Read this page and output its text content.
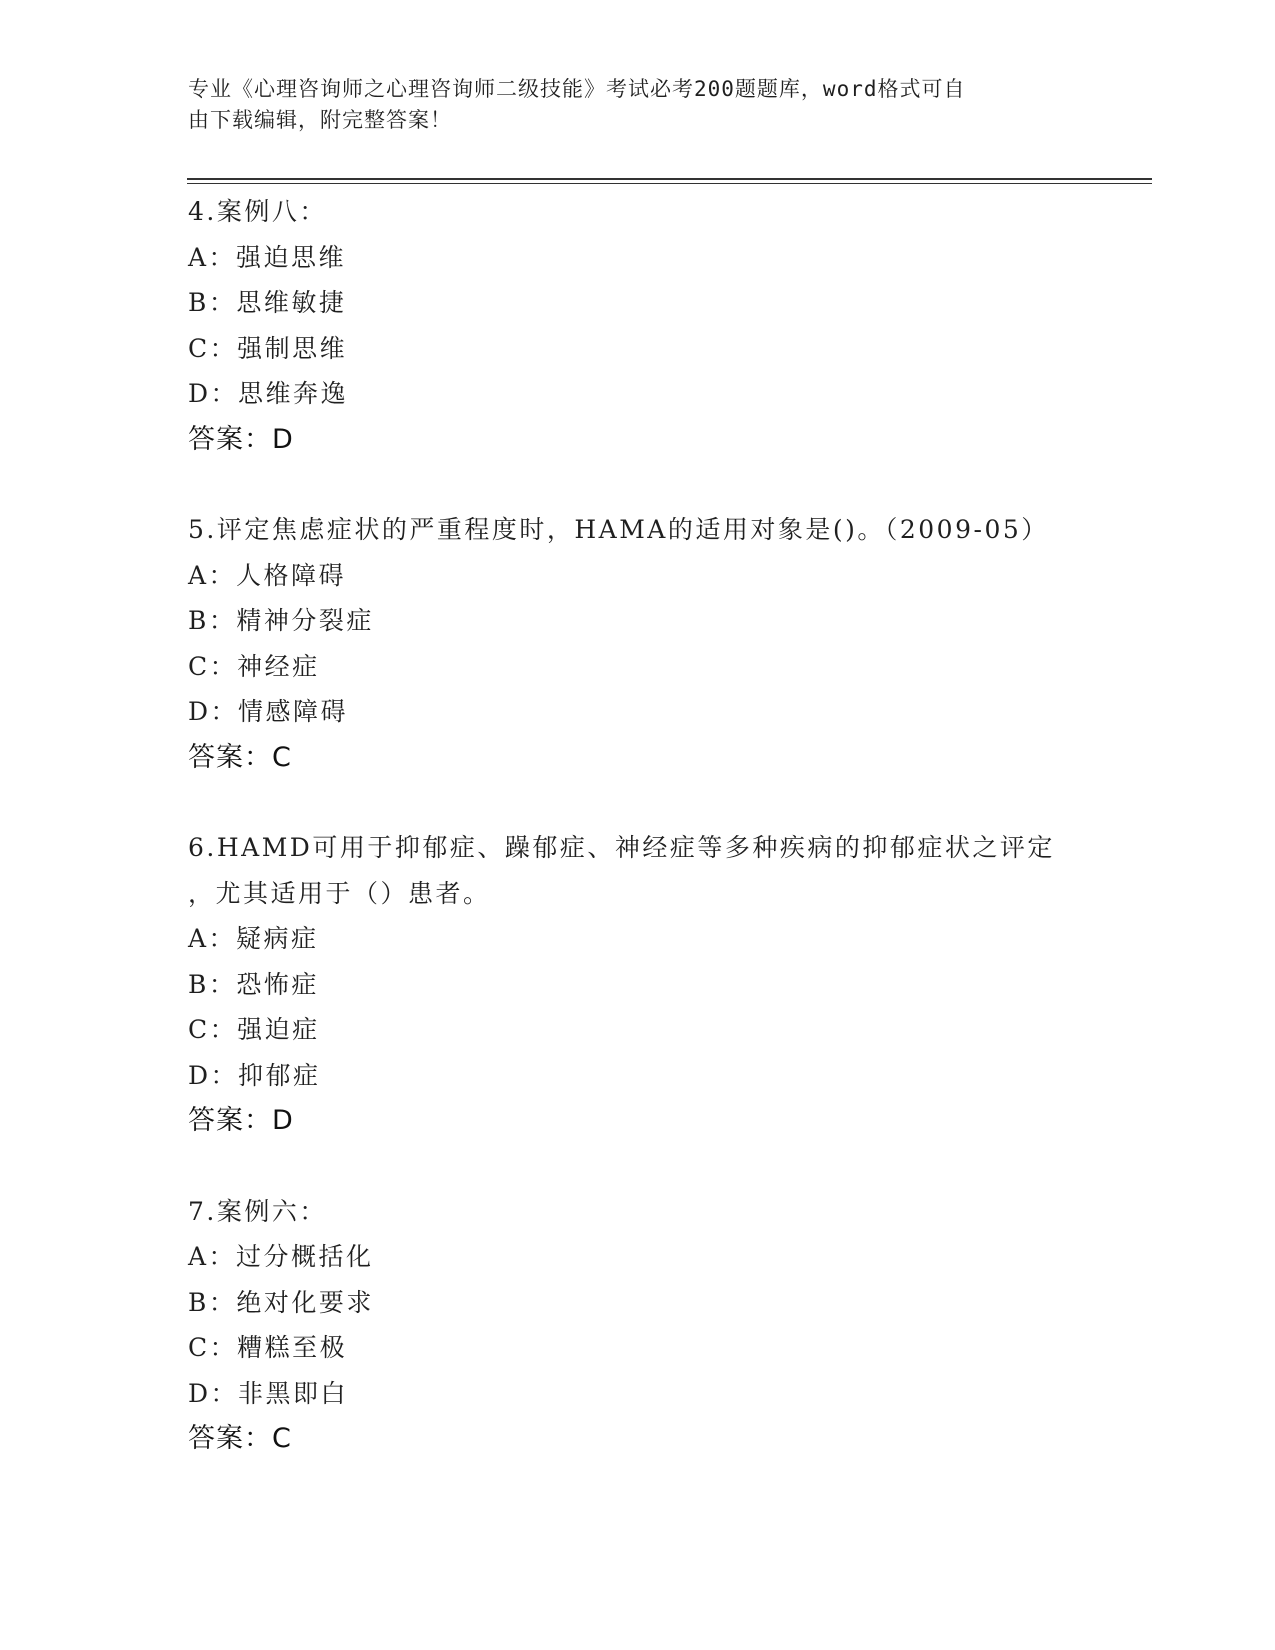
专业《心理咨询师之心理咨询师二级技能》考试必考200题题库，word格式可自
由下载编辑，附完整答案！
4.案例八：
A：强迫思维
B：思维敏捷
C：强制思维
D：思维奔逸
答案：D
5.评定焦虑症状的严重程度时，HAMA的适用对象是()。（2009-05）
A：人格障碍
B：精神分裂症
C：神经症
D：情感障碍
答案：C
6.HAMD可用于抑郁症、躁郁症、神经症等多种疾病的抑郁症状之评定
，尤其适用于（）患者。
A：疑病症
B：恐怖症
C：强迫症
D：抑郁症
答案：D
7.案例六：
A：过分概括化
B：绝对化要求
C：糟糕至极
D：非黑即白
答案：C
